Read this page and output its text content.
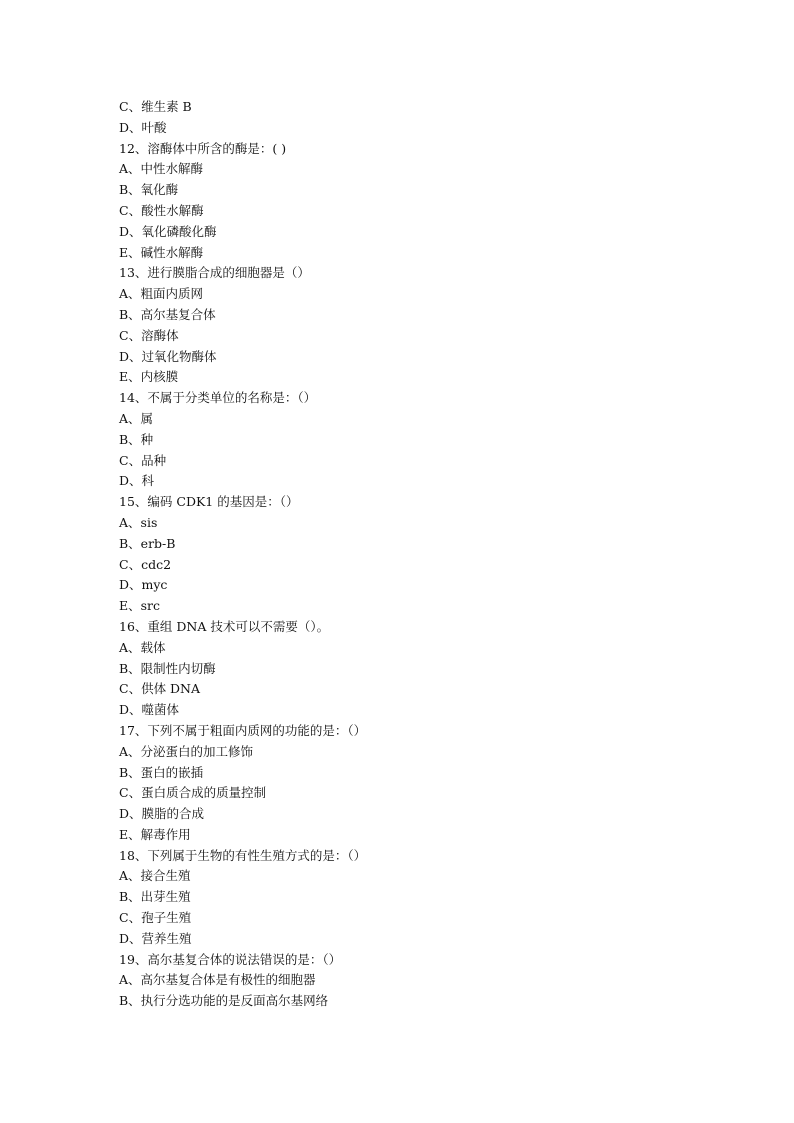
C、维生素 B
D、叶酸
12、溶酶体中所含的酶是：( )
A、中性水解酶
B、氧化酶
C、酸性水解酶
D、氧化磷酸化酶
E、碱性水解酶
13、进行膜脂合成的细胞器是（）
A、粗面内质网
B、高尔基复合体
C、溶酶体
D、过氧化物酶体
E、内核膜
14、不属于分类单位的名称是：（）
A、属
B、种
C、品种
D、科
15、编码 CDK1 的基因是：（）
A、sis
B、erb-B
C、cdc2
D、myc
E、src
16、重组 DNA 技术可以不需要（）。
A、载体
B、限制性内切酶
C、供体 DNA
D、噬菌体
17、下列不属于粗面内质网的功能的是：（）
A、分泌蛋白的加工修饰
B、蛋白的嵌插
C、蛋白质合成的质量控制
D、膜脂的合成
E、解毒作用
18、下列属于生物的有性生殖方式的是：（）
A、接合生殖
B、出芽生殖
C、孢子生殖
D、营养生殖
19、高尔基复合体的说法错误的是：（）
A、高尔基复合体是有极性的细胞器
B、执行分选功能的是反面高尔基网络
